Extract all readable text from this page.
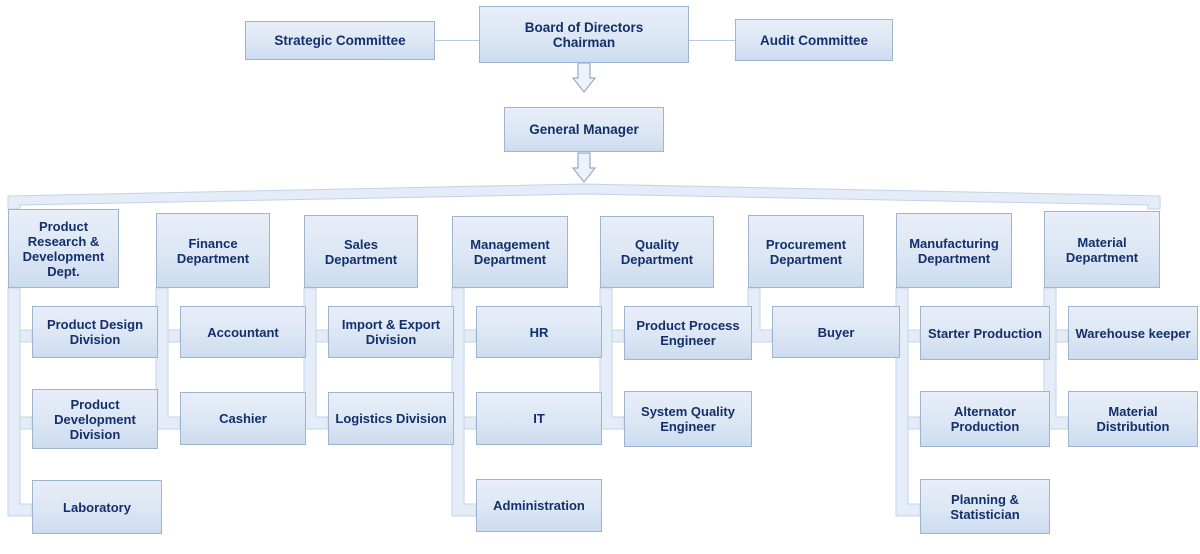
Strategic Committee
Board of Directors
Chairman	Audit Committee
General Manager
Product Research & Development Dept.
Finance Department
Sales Department
Management Department
Quality Department
Procurement Department
Manufacturing Department
Material Department
Product Design Division
Product Development Division
Laboratory
Accountant
Cashier
Import & Export Division
Logistics Division
HR
IT
Administration
Product Process Engineer
System Quality Engineer
Buyer	Starter Production
Alternator Production
Planning & Statistician
Warehouse keeper
Material Distribution
